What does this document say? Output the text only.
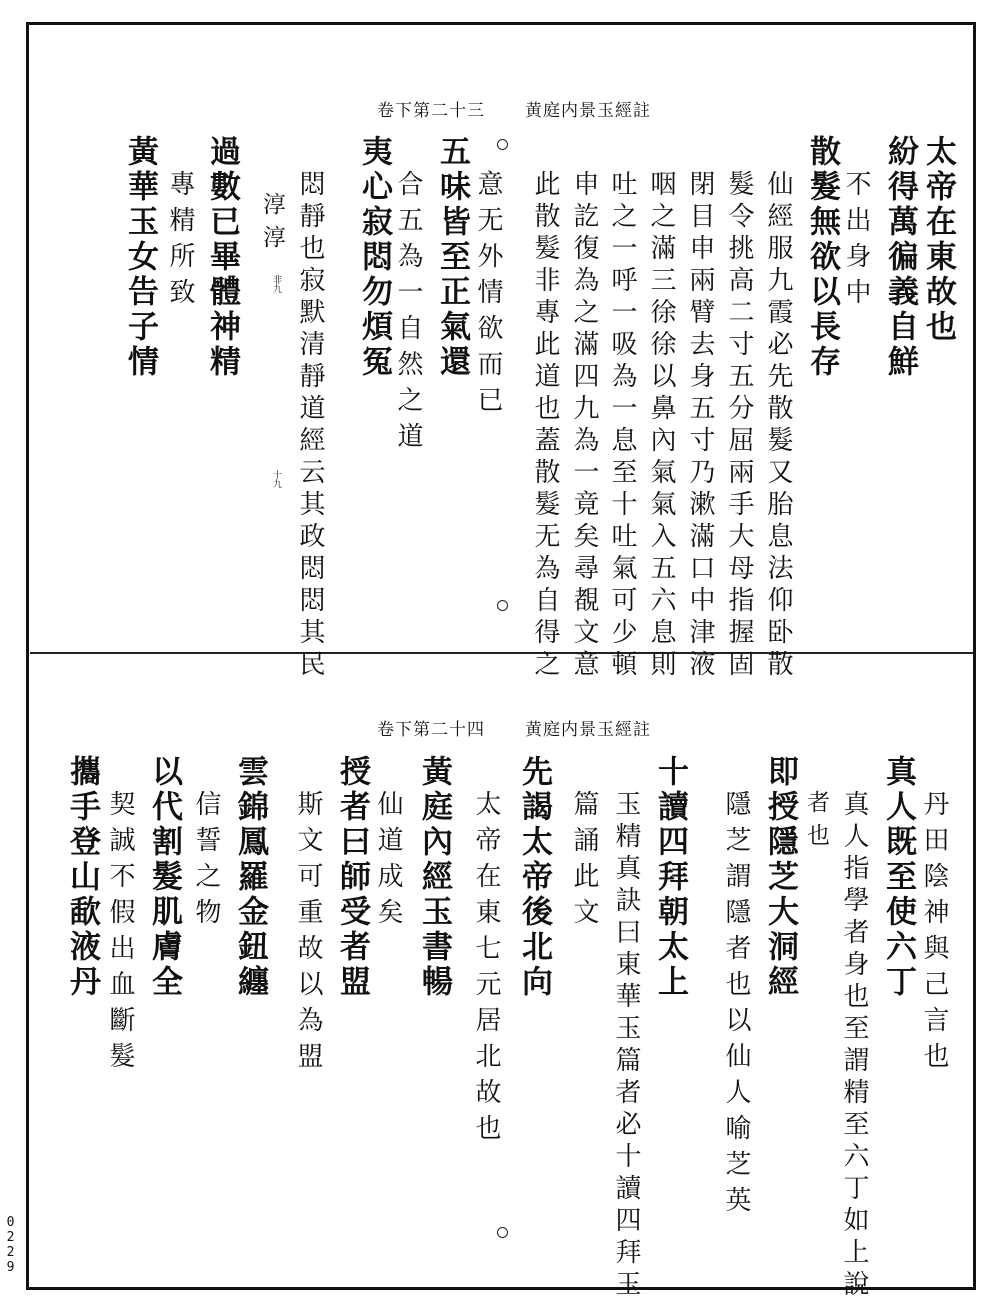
0229
卷下第二十三 黄庭内景玉經註
太帝在東故也
紛得萬徧義自鮮
不出身中
散髮無欲以長存
仙經服九霞必先散髮又胎息法仰卧散
髮令挑高二寸五分屈兩手大母指握固
閉目申兩臂去身五寸乃漱滿口中津液
咽之滿三徐徐以鼻內氣氣入五六息則
吐之一呼一吸為一息至十吐氣可少頓
申訖復為之滿四九為一竟矣尋覩文意
此散髮非專此道也蓋散髮无為自得之
意无外情欲而已
五味皆至正氣還
合五為一自然之道
夷心寂悶勿煩冤
悶靜也寂默清靜道經云其政悶悶其民
淳淳
過數已畢體神精
專精所致
黃華玉女告子情	非九
十九
卷下第二十四 黄庭内景玉經註
丹田陰神與己言也
真人既至使六丁
真人指學者身也至謂精至六丁如上說
者也
即授隱芝大洞經
隱芝謂隱者也以仙人喻芝英
十讀四拜朝太上
玉精真訣曰東華玉篇者必十讀四拜玉
篇誦此文
先謁太帝後北向
太帝在東七元居北故也
黃庭內經玉書暢
仙道成矣
授者曰師受者盟
斯文可重故以為盟
雲錦鳳羅金鈕纏
信誓之物
以代割髮肌膚全
契誠不假出血斷髮
攜手登山歃液丹
